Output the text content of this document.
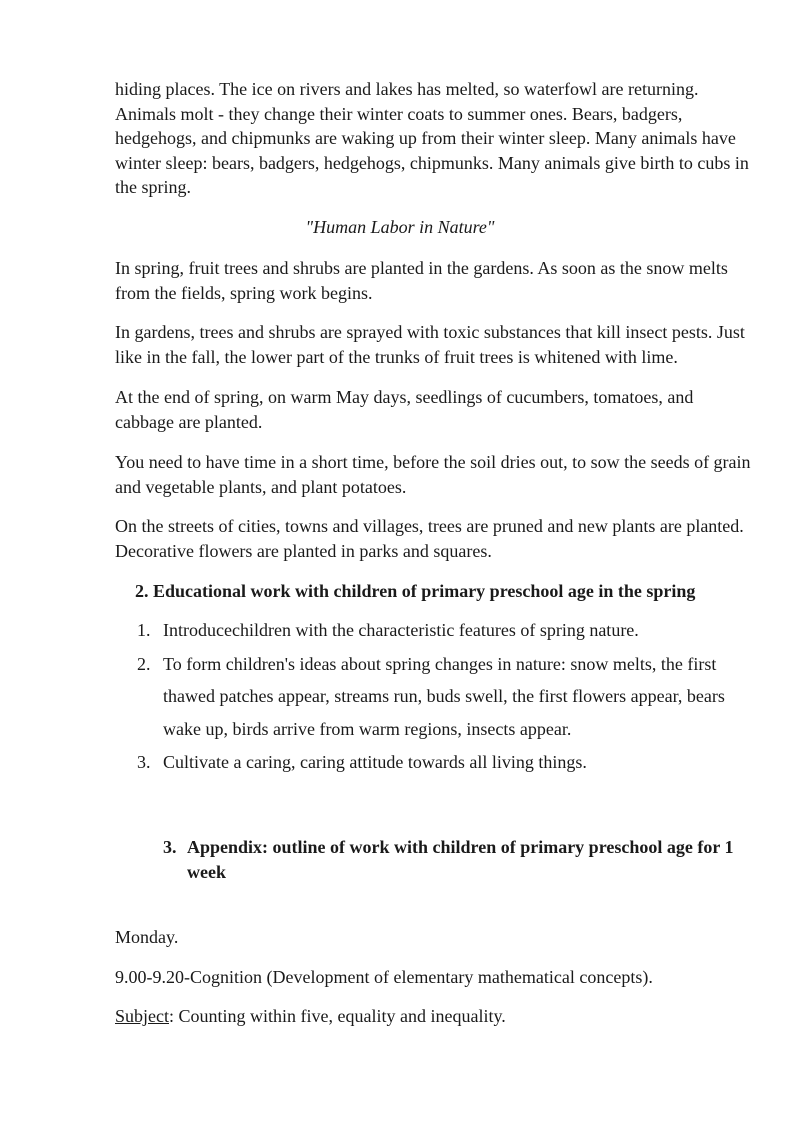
hiding places. The ice on rivers and lakes has melted, so waterfowl are returning. Animals molt - they change their winter coats to summer ones. Bears, badgers, hedgehogs, and chipmunks are waking up from their winter sleep. Many animals have winter sleep: bears, badgers, hedgehogs, chipmunks. Many animals give birth to cubs in the spring.

"Human Labor in Nature"

In spring, fruit trees and shrubs are planted in the gardens. As soon as the snow melts from the fields, spring work begins.

In gardens, trees and shrubs are sprayed with toxic substances that kill insect pests. Just like in the fall, the lower part of the trunks of fruit trees is whitened with lime.

At the end of spring, on warm May days, seedlings of cucumbers, tomatoes, and cabbage are planted.

You need to have time in a short time, before the soil dries out, to sow the seeds of grain and vegetable plants, and plant potatoes.

On the streets of cities, towns and villages, trees are pruned and new plants are planted. Decorative flowers are planted in parks and squares.

2. Educational work with children of primary preschool age in the spring
1. Introducechildren with the characteristic features of spring nature.
2. To form children's ideas about spring changes in nature: snow melts, the first thawed patches appear, streams run, buds swell, the first flowers appear, bears wake up, birds arrive from warm regions, insects appear.
3. Cultivate a caring, caring attitude towards all living things.
3. Appendix: outline of work with children of primary preschool age for 1 week

Monday.

9.00-9.20-Cognition (Development of elementary mathematical concepts).

Subject: Counting within five, equality and inequality.
